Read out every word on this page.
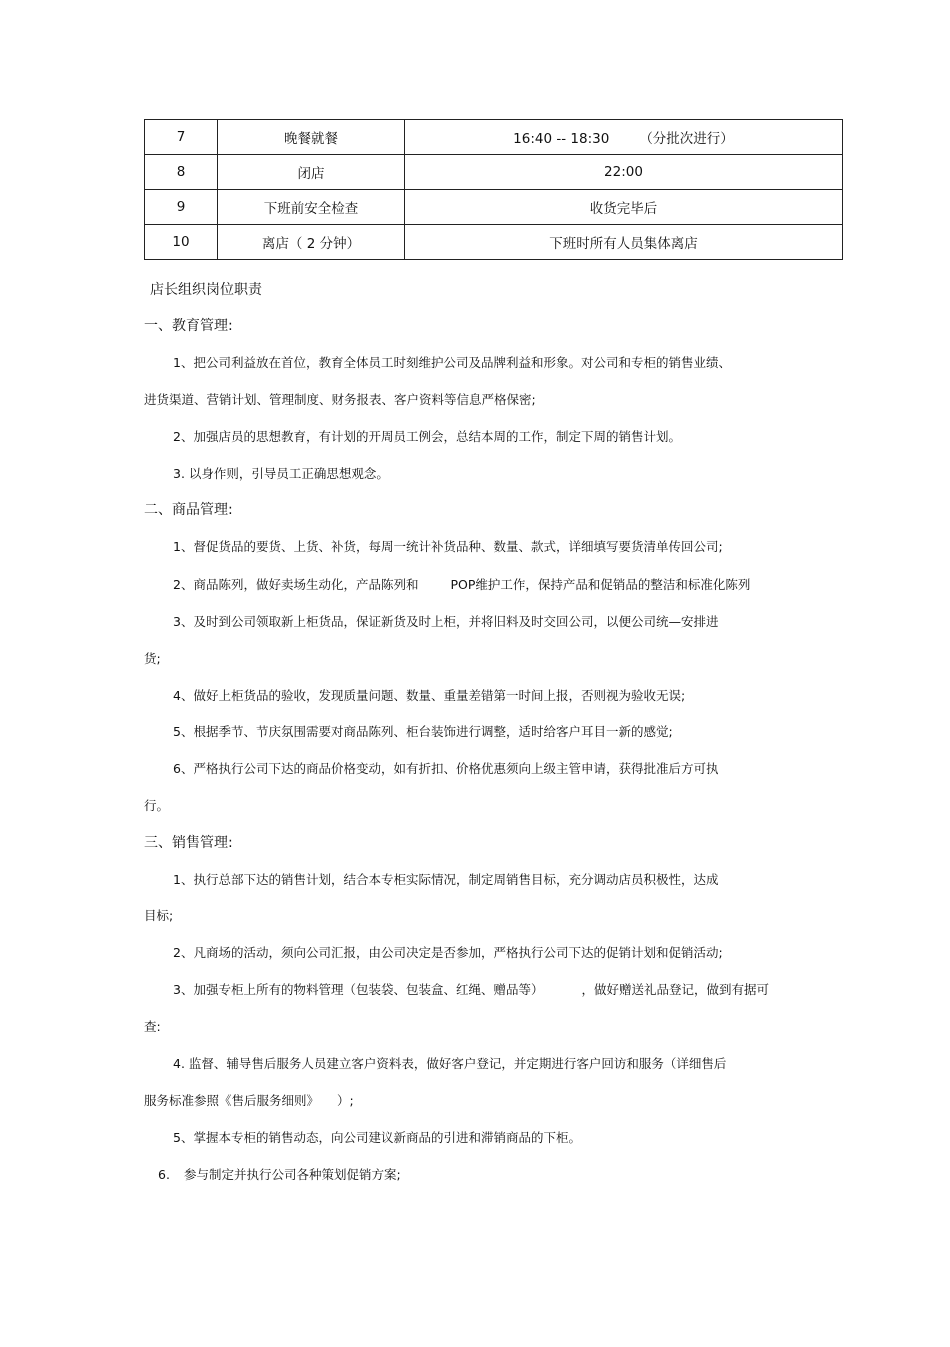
7	晚餐就餐	16:40 -- 18:30 （分批次进行）
8	闭店	22:00
9	下班前安全检查	收货完毕后
10	离店（ 2 分钟）	下班时所有人员集体离店
店长组织岗位职责
一、教育管理:
1、把公司利益放在首位，教育全体员工时刻维护公司及品牌利益和形象。对公司和专柜的销售业绩、
进货渠道、营销计划、管理制度、财务报表、客户资料等信息严格保密;
2、加强店员的思想教育，有计划的开周员工例会，总结本周的工作，制定下周的销售计划。
3. 以身作则，引导员工正确思想观念。
二、商品管理:
1、督促货品的要货、上货、补货，每周一统计补货品种、数量、款式，详细填写要货清单传回公司;
2、商品陈列，做好卖场生动化，产品陈列和	POP维护工作，保持产品和促销品的整洁和标准化陈列
3、及时到公司领取新上柜货品，保证新货及时上柜，并将旧料及时交回公司，以便公司统—安排进
货;
4、做好上柜货品的验收，发现质量问题、数量、重量差错第一时间上报，否则视为验收无误;
5、根据季节、节庆氛围需要对商品陈列、柜台装饰进行调整，适时给客户耳目一新的感觉;
6、严格执行公司下达的商品价格变动，如有折扣、价格优惠须向上级主管申请，获得批准后方可执
行。
三、销售管理:
1、执行总部下达的销售计划，结合本专柜实际情况，制定周销售目标，充分调动店员积极性，达成
目标;
2、凡商场的活动，须向公司汇报，由公司决定是否参加，严格执行公司下达的促销计划和促销活动;
3、加强专柜上所有的物料管理（包装袋、包装盒、红绳、赠品等）	，做好赠送礼品登记，做到有据可
查:
4. 监督、辅导售后服务人员建立客户资料表，做好客户登记，并定期进行客户回访和服务（详细售后
服务标准参照《售后服务细则》 ）;
5、掌握本专柜的销售动态，向公司建议新商品的引进和滞销商品的下柜。
6. 参与制定并执行公司各种策划促销方案;
